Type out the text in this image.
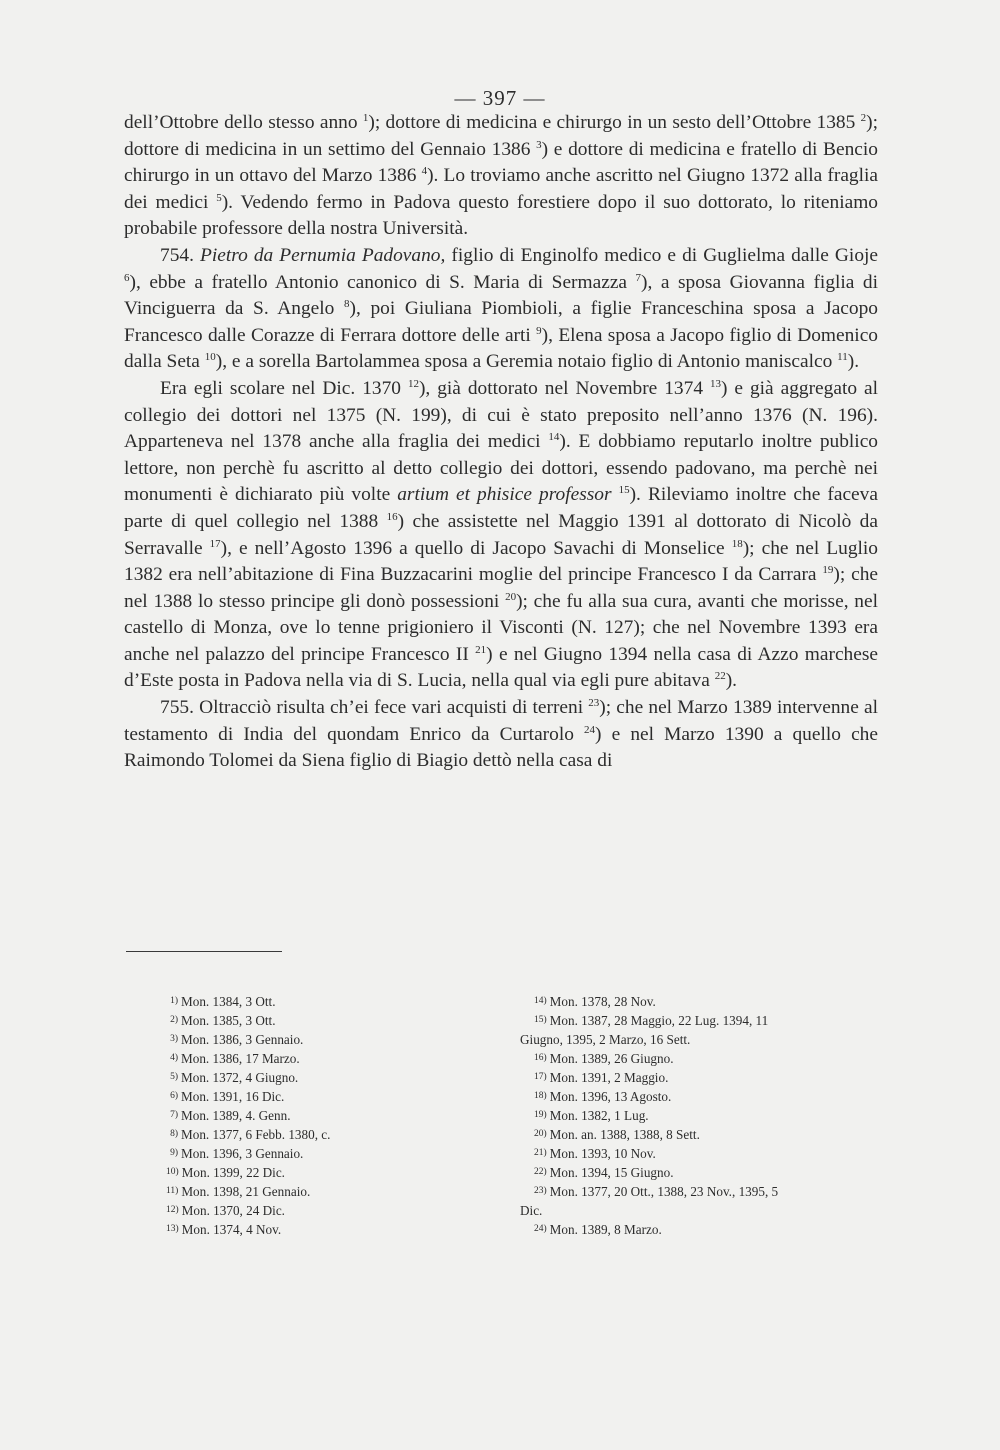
— 397 —

dell’Ottobre dello stesso anno $^1$); dottore di medicina e chirurgo in un sesto dell’Ottobre 1385 $^2$); dottore di medicina in un settimo del Gennaio 1386 $^3$) e dottore di medicina e fratello di Bencio chirurgo in un ottavo del Marzo 1386 $^4$). Lo troviamo anche ascritto nel Giugno 1372 alla fraglia dei medici $^5$). Vedendo fermo in Padova questo forestiere dopo il suo dottorato, lo riteniamo probabile professore della nostra Università.

754. Pietro da Pernumia Padovano, figlio di Enginolfo medico e di Guglielma dalle Gioje $^6$), ebbe a fratello Antonio canonico di S. Maria di Sermazza $^7$), a sposa Giovanna figlia di Vinciguerra da S. Angelo $^8$), poi Giuliana Piombioli, a figlie Franceschina sposa a Jacopo Francesco dalle Corazze di Ferrara dottore delle arti $^9$), Elena sposa a Jacopo figlio di Domenico dalla Seta $^{10}$), e a sorella Bartolammea sposa a Geremia notaio figlio di Antonio maniscalco $^{11}$).

Era egli scolare nel Dic. 1370 $^{12}$), già dottorato nel Novembre 1374 $^{13}$) e già aggregato al collegio dei dottori nel 1375 (N. 199), di cui è stato preposito nell’anno 1376 (N. 196). Apparteneva nel 1378 anche alla fraglia dei medici $^{14}$). E dobbiamo reputarlo inoltre publico lettore, non perchè fu ascritto al detto collegio dei dottori, essendo padovano, ma perchè nei monumenti è dichiarato più volte artium et phisice professor $^{15}$). Rileviamo inoltre che faceva parte di quel collegio nel 1388 $^{16}$) che assistette nel Maggio 1391 al dottorato di Nicolò da Serravalle $^{17}$), e nell’Agosto 1396 a quello di Jacopo Savachi di Monselice $^{18}$); che nel Luglio 1382 era nell’abitazione di Fina Buzzacarini moglie del principe Francesco I da Carrara $^{19}$); che nel 1388 lo stesso principe gli donò possessioni $^{20}$); che fu alla sua cura, avanti che morisse, nel castello di Monza, ove lo tenne prigioniero il Visconti (N. 127); che nel Novembre 1393 era anche nel palazzo del principe Francesco II $^{21}$) e nel Giugno 1394 nella casa di Azzo marchese d’Este posta in Padova nella via di S. Lucia, nella qual via egli pure abitava $^{22}$).

755. Oltracciò risulta ch’ei fece vari acquisti di terreni $^{23}$); che nel Marzo 1389 intervenne al testamento di India del quondam Enrico da Curtarolo $^{24}$) e nel Marzo 1390 a quello che Raimondo Tolomei da Siena figlio di Biagio dettò nella casa di

1) Mon. 1384, 3 Ott.
2) Mon. 1385, 3 Ott.
3) Mon. 1386, 3 Gennaio.
4) Mon. 1386, 17 Marzo.
5) Mon. 1372, 4 Giugno.
6) Mon. 1391, 16 Dic.
7) Mon. 1389, 4. Genn.
8) Mon. 1377, 6 Febb. 1380, c.
9) Mon. 1396, 3 Gennaio.
10) Mon. 1399, 22 Dic.
11) Mon. 1398, 21 Gennaio.
12) Mon. 1370, 24 Dic.
13) Mon. 1374, 4 Nov.
14) Mon. 1378, 28 Nov.
15) Mon. 1387, 28 Maggio, 22 Lug. 1394, 11
Giugno, 1395, 2 Marzo, 16 Sett.
16) Mon. 1389, 26 Giugno.
17) Mon. 1391, 2 Maggio.
18) Mon. 1396, 13 Agosto.
19) Mon. 1382, 1 Lug.
20) Mon. an. 1388, 1388, 8 Sett.
21) Mon. 1393, 10 Nov.
22) Mon. 1394, 15 Giugno.
23) Mon. 1377, 20 Ott., 1388, 23 Nov., 1395, 5
Dic.
24) Mon. 1389, 8 Marzo.
